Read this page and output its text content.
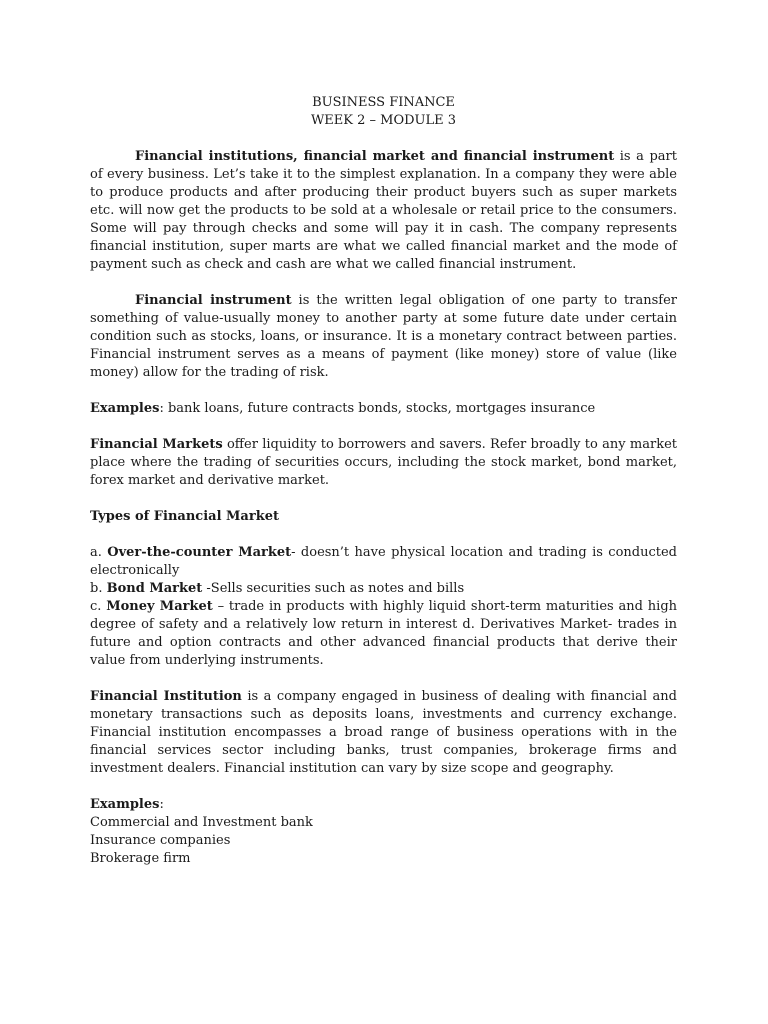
BUSINESS FINANCE
WEEK 2 – MODULE 3

Financial institutions, financial market and financial instrument is a part of every business. Let’s take it to the simplest explanation. In a company they were able to produce products and after producing their product buyers such as super markets etc. will now get the products to be sold at a wholesale or retail price to the consumers. Some will pay through checks and some will pay it in cash. The company represents financial institution, super marts are what we called financial market and the mode of payment such as check and cash are what we called financial instrument.

Financial instrument is the written legal obligation of one party to transfer something of value-usually money to another party at some future date under certain condition such as stocks, loans, or insurance. It is a monetary contract between parties. Financial instrument serves as a means of payment (like money) store of value (like money) allow for the trading of risk.

Examples: bank loans, future contracts bonds, stocks, mortgages insurance

Financial Markets offer liquidity to borrowers and savers. Refer broadly to any market place where the trading of securities occurs, including the stock market, bond market, forex market and derivative market.

Types of Financial Market

a. Over-the-counter Market- doesn’t have physical location and trading is conducted electronically

b. Bond Market -Sells securities such as notes and bills

c. Money Market – trade in products with highly liquid short-term maturities and high degree of safety and a relatively low return in interest d. Derivatives Market- trades in future and option contracts and other advanced financial products that derive their value from underlying instruments.

Financial Institution is a company engaged in business of dealing with financial and monetary transactions such as deposits loans, investments and currency exchange. Financial institution encompasses a broad range of business operations with in the financial services sector including banks, trust companies, brokerage firms and investment dealers. Financial institution can vary by size scope and geography.

Examples:

Commercial and Investment bank

Insurance companies

Brokerage firm
